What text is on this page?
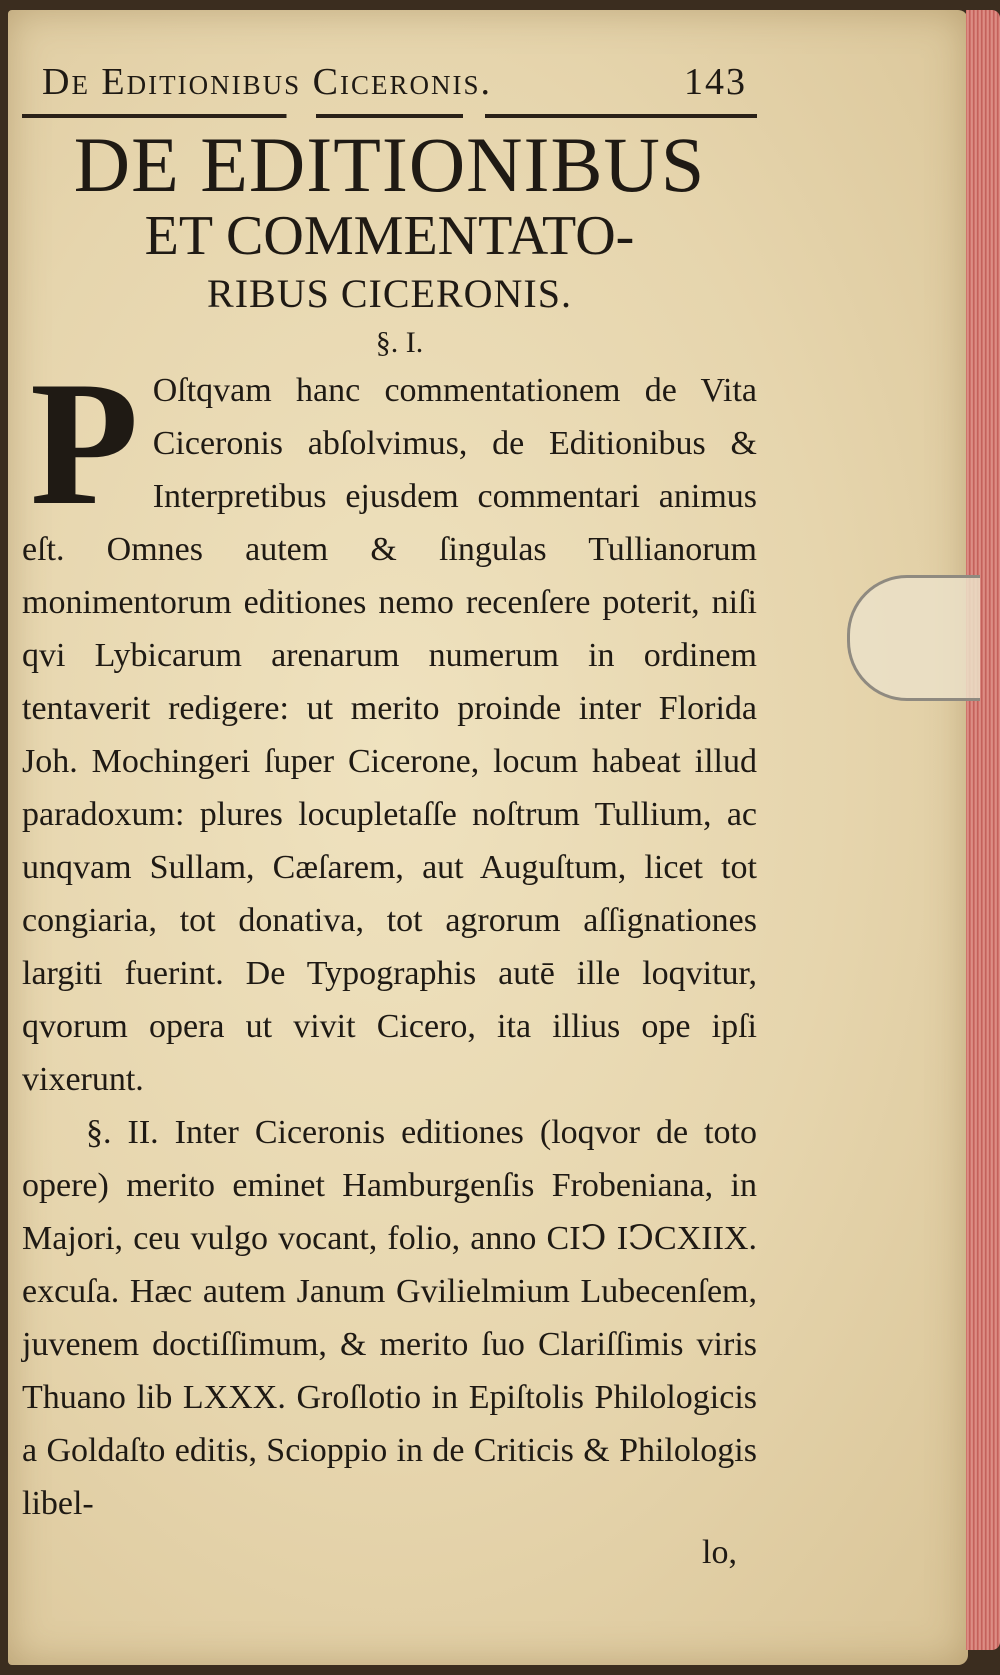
De Editionibus Ciceronis.	143
DE EDITIONIBUS
ET COMMENTATO-
RIBUS CICERONIS.
§. I.

P Oſtqvam hanc commentationem de Vita Ciceronis abſolvimus, de Editionibus & Interpretibus ejusdem commentari animus eſt. Omnes autem & ſingulas Tullianorum monimentorum editiones nemo recenſere poterit, niſi qvi Lybicarum arenarum numerum in ordinem tentaverit redigere: ut merito proinde inter Florida Joh. Mochingeri ſuper Cicerone, locum habeat illud paradoxum: plures locupletaſſe noſtrum Tullium, ac unqvam Sullam, Cæſarem, aut Auguſtum, licet tot congiaria, tot donativa, tot agrorum aſſignationes largiti fuerint. De Typographis autē ille loqvitur, qvorum opera ut vivit Cicero, ita illius ope ipſi vixerunt.

§. II. Inter Ciceronis editiones (loqvor de toto opere) merito eminet Hamburgenſis Frobeniana, in Majori, ceu vulgo vocant, folio, anno CIↃ IↃCXIIX. excuſa. Hæc autem Janum Gvilielmium Lubecenſem, juvenem doctiſſimum, & merito ſuo Clariſſimis viris Thuano lib LXXX. Groſlotio in Epiſtolis Philologicis a Goldaſto editis, Scioppio in de Criticis & Philologis libel-

lo,
